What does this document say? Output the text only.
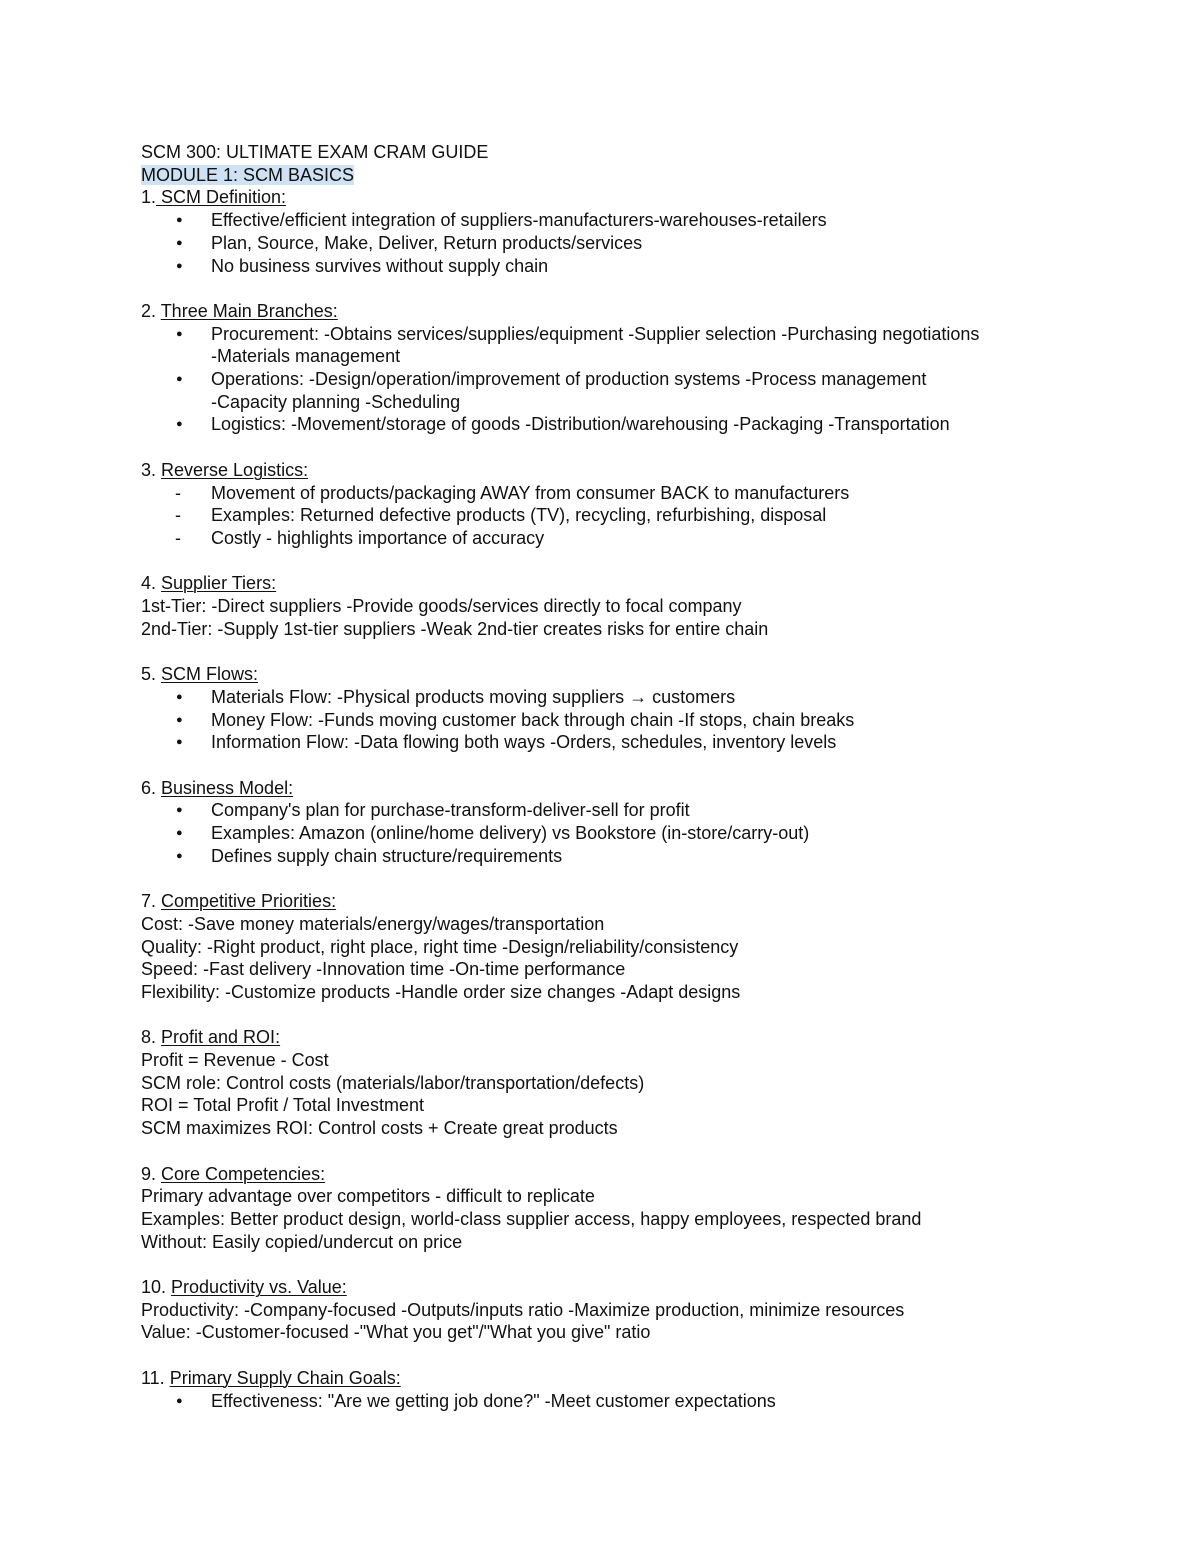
SCM 300: ULTIMATE EXAM CRAM GUIDE
MODULE 1: SCM BASICS
1. SCM Definition:
● Effective/efficient integration of suppliers-manufacturers-warehouses-retailers
● Plan, Source, Make, Deliver, Return products/services
● No business survives without supply chain
2. Three Main Branches:
● Procurement: -Obtains services/supplies/equipment -Supplier selection -Purchasing negotiations
-Materials management
● Operations: -Design/operation/improvement of production systems -Process management
-Capacity planning -Scheduling
● Logistics: -Movement/storage of goods -Distribution/warehousing -Packaging -Transportation
3. Reverse Logistics:
- Movement of products/packaging AWAY from consumer BACK to manufacturers
- Examples: Returned defective products (TV), recycling, refurbishing, disposal
- Costly - highlights importance of accuracy
4. Supplier Tiers:
1st-Tier: -Direct suppliers -Provide goods/services directly to focal company
2nd-Tier: -Supply 1st-tier suppliers -Weak 2nd-tier creates risks for entire chain
5. SCM Flows:
● Materials Flow: -Physical products moving suppliers → customers
● Money Flow: -Funds moving customer back through chain -If stops, chain breaks
● Information Flow: -Data flowing both ways -Orders, schedules, inventory levels
6. Business Model:
● Company's plan for purchase-transform-deliver-sell for profit
● Examples: Amazon (online/home delivery) vs Bookstore (in-store/carry-out)
● Defines supply chain structure/requirements
7. Competitive Priorities:
Cost: -Save money materials/energy/wages/transportation
Quality: -Right product, right place, right time -Design/reliability/consistency
Speed: -Fast delivery -Innovation time -On-time performance
Flexibility: -Customize products -Handle order size changes -Adapt designs
8. Profit and ROI:
Profit = Revenue - Cost
SCM role: Control costs (materials/labor/transportation/defects)
ROI = Total Profit / Total Investment
SCM maximizes ROI: Control costs + Create great products
9. Core Competencies:
Primary advantage over competitors - difficult to replicate
Examples: Better product design, world-class supplier access, happy employees, respected brand
Without: Easily copied/undercut on price
10. Productivity vs. Value:
Productivity: -Company-focused -Outputs/inputs ratio -Maximize production, minimize resources
Value: -Customer-focused -"What you get"/"What you give" ratio
11. Primary Supply Chain Goals:
● Effectiveness: "Are we getting job done?" -Meet customer expectations
